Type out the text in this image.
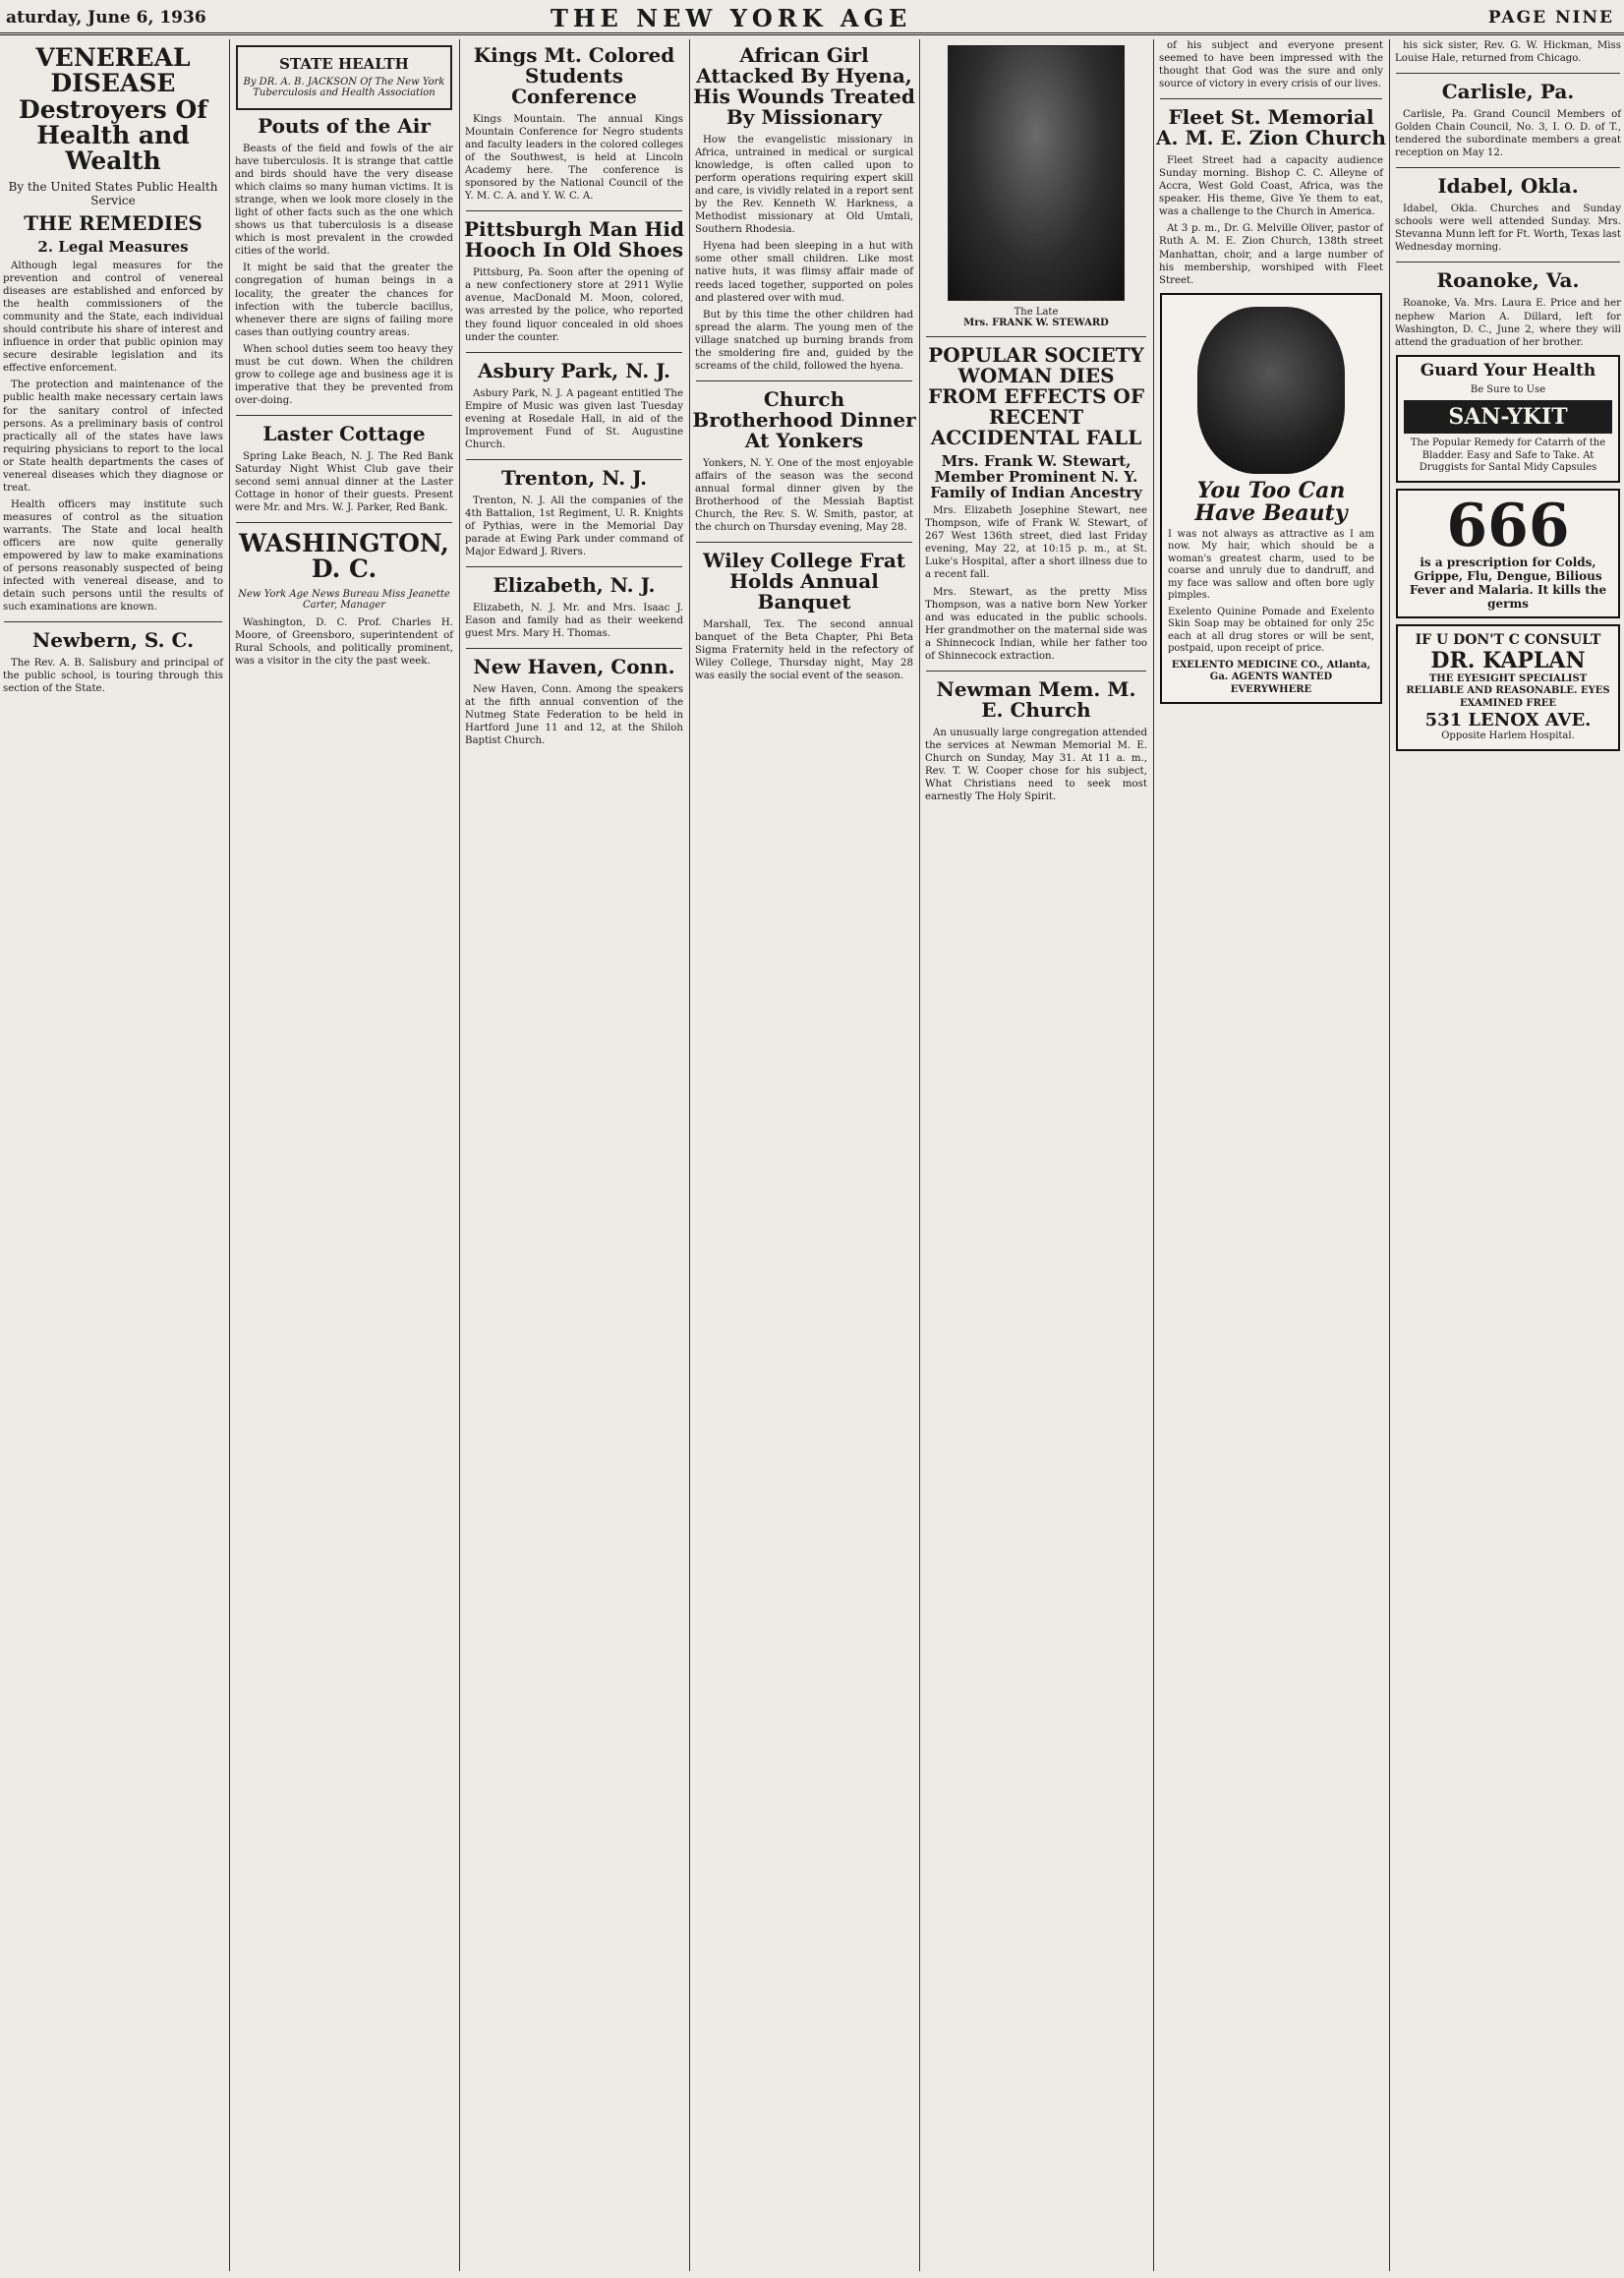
aturday, June 6, 1936	THE NEW YORK AGE	PAGE NINE
VENEREAL DISEASE Destroyers Of Health and Wealth
By the United States Public Health Service
THE REMEDIES
2. Legal Measures

Although legal measures for the prevention and control of venereal diseases are established and enforced by the health commissioners of the community and the State, each individual should contribute his share of interest and influence in order that public opinion may secure desirable legislation and its effective enforcement.

The protection and maintenance of the public health make necessary certain laws for the sanitary control of infected persons. As a preliminary basis of control practically all of the states have laws requiring physicians to report to the local or State health departments the cases of venereal diseases which they diagnose or treat.

Health officers may institute such measures of control as the situation warrants. The State and local health officers are now quite generally empowered by law to make examinations of persons reasonably suspected of being infected with venereal disease, and to detain such persons until the results of such examinations are known.

Newbern, S. C.

The Rev. A. B. Salisbury and principal of the public school, is touring through this section of the State.

STATE HEALTH
By DR. A. B. JACKSON Of The New York Tuberculosis and Health Association
Pouts of the Air

Beasts of the field and fowls of the air have tuberculosis. It is strange that cattle and birds should have the very disease which claims so many human victims. It is strange, when we look more closely in the light of other facts such as the one which shows us that tuberculosis is a disease which is most prevalent in the crowded cities of the world.

It might be said that the greater the congregation of human beings in a locality, the greater the chances for infection with the tubercle bacillus, whenever there are signs of failing more cases than outlying country areas.

When school duties seem too heavy they must be cut down. When the children grow to college age and business age it is imperative that they be prevented from over-doing.

Laster Cottage

Spring Lake Beach, N. J. The Red Bank Saturday Night Whist Club gave their second semi annual dinner at the Laster Cottage in honor of their guests. Present were Mr. and Mrs. W. J. Parker, Red Bank.

WASHINGTON, D. C.
New York Age News Bureau Miss Jeanette Carter, Manager

Washington, D. C. Prof. Charles H. Moore, of Greensboro, superintendent of Rural Schools, and politically prominent, was a visitor in the city the past week.

Kings Mt. Colored Students Conference

Kings Mountain. The annual Kings Mountain Conference for Negro students and faculty leaders in the colored colleges of the Southwest, is held at Lincoln Academy here. The conference is sponsored by the National Council of the Y. M. C. A. and Y. W. C. A.

Pittsburgh Man Hid Hooch In Old Shoes

Pittsburg, Pa. Soon after the opening of a new confectionery store at 2911 Wylie avenue, MacDonald M. Moon, colored, was arrested by the police, who reported they found liquor concealed in old shoes under the counter.

Asbury Park, N. J.

Asbury Park, N. J. A pageant entitled The Empire of Music was given last Tuesday evening at Rosedale Hall, in aid of the Improvement Fund of St. Augustine Church.

Trenton, N. J.

Trenton, N. J. All the companies of the 4th Battalion, 1st Regiment, U. R. Knights of Pythias, were in the Memorial Day parade at Ewing Park under command of Major Edward J. Rivers.

Elizabeth, N. J.

Elizabeth, N. J. Mr. and Mrs. Isaac J. Eason and family had as their weekend guest Mrs. Mary H. Thomas.

New Haven, Conn.

New Haven, Conn. Among the speakers at the fifth annual convention of the Nutmeg State Federation to be held in Hartford June 11 and 12, at the Shiloh Baptist Church.

African Girl Attacked By Hyena, His Wounds Treated By Missionary

How the evangelistic missionary in Africa, untrained in medical or surgical knowledge, is often called upon to perform operations requiring expert skill and care, is vividly related in a report sent by the Rev. Kenneth W. Harkness, a Methodist missionary at Old Umtali, Southern Rhodesia.

Hyena had been sleeping in a hut with some other small children. Like most native huts, it was flimsy affair made of reeds laced together, supported on poles and plastered over with mud.

But by this time the other children had spread the alarm. The young men of the village snatched up burning brands from the smoldering fire and, guided by the screams of the child, followed the hyena.

Church Brotherhood Dinner At Yonkers

Yonkers, N. Y. One of the most enjoyable affairs of the season was the second annual formal dinner given by the Brotherhood of the Messiah Baptist Church, the Rev. S. W. Smith, pastor, at the church on Thursday evening, May 28.

Wiley College Frat Holds Annual Banquet

Marshall, Tex. The second annual banquet of the Beta Chapter, Phi Beta Sigma Fraternity held in the refectory of Wiley College, Thursday night, May 28 was easily the social event of the season.

The Late
Mrs. FRANK W. STEWARD
POPULAR SOCIETY WOMAN DIES FROM EFFECTS OF RECENT ACCIDENTAL FALL
Mrs. Frank W. Stewart, Member Prominent N. Y. Family of Indian Ancestry

Mrs. Elizabeth Josephine Stewart, nee Thompson, wife of Frank W. Stewart, of 267 West 136th street, died last Friday evening, May 22, at 10:15 p. m., at St. Luke's Hospital, after a short illness due to a recent fall.

Mrs. Stewart, as the pretty Miss Thompson, was a native born New Yorker and was educated in the public schools. Her grandmother on the maternal side was a Shinnecock Indian, while her father too of Shinnecock extraction.

Newman Mem. M. E. Church

An unusually large congregation attended the services at Newman Memorial M. E. Church on Sunday, May 31. At 11 a. m., Rev. T. W. Cooper chose for his subject, What Christians need to seek most earnestly The Holy Spirit.

of his subject and everyone present seemed to have been impressed with the thought that God was the sure and only source of victory in every crisis of our lives.

Fleet St. Memorial A. M. E. Zion Church

Fleet Street had a capacity audience Sunday morning. Bishop C. C. Alleyne of Accra, West Gold Coast, Africa, was the speaker. His theme, Give Ye them to eat, was a challenge to the Church in America.

At 3 p. m., Dr. G. Melville Oliver, pastor of Ruth A. M. E. Zion Church, 138th street Manhattan, choir, and a large number of his membership, worshiped with Fleet Street.

You Too Can Have Beauty
I was not always as attractive as I am now. My hair, which should be a woman's greatest charm, used to be coarse and unruly due to dandruff, and my face was sallow and often bore ugly pimples.
Exelento Quinine Pomade and Exelento Skin Soap may be obtained for only 25c each at all drug stores or will be sent, postpaid, upon receipt of price.
EXELENTO MEDICINE CO., Atlanta, Ga. AGENTS WANTED EVERYWHERE

his sick sister, Rev. G. W. Hickman, Miss Louise Hale, returned from Chicago.

Carlisle, Pa.

Carlisle, Pa. Grand Council Members of Golden Chain Council, No. 3, I. O. D. of T., tendered the subordinate members a great reception on May 12.

Idabel, Okla.

Idabel, Okla. Churches and Sunday schools were well attended Sunday. Mrs. Stevanna Munn left for Ft. Worth, Texas last Wednesday morning.

Roanoke, Va.

Roanoke, Va. Mrs. Laura E. Price and her nephew Marion A. Dillard, left for Washington, D. C., June 2, where they will attend the graduation of her brother.

Guard Your Health
Be Sure to Use
SAN-YKIT
The Popular Remedy for Catarrh of the Bladder. Easy and Safe to Take. At Druggists for Santal Midy Capsules
666
is a prescription for Colds, Grippe, Flu, Dengue, Bilious Fever and Malaria. It kills the germs
IF U DON'T C CONSULT
DR. KAPLAN
THE EYESIGHT SPECIALIST RELIABLE AND REASONABLE. EYES EXAMINED FREE
531 LENOX AVE.
Opposite Harlem Hospital.
